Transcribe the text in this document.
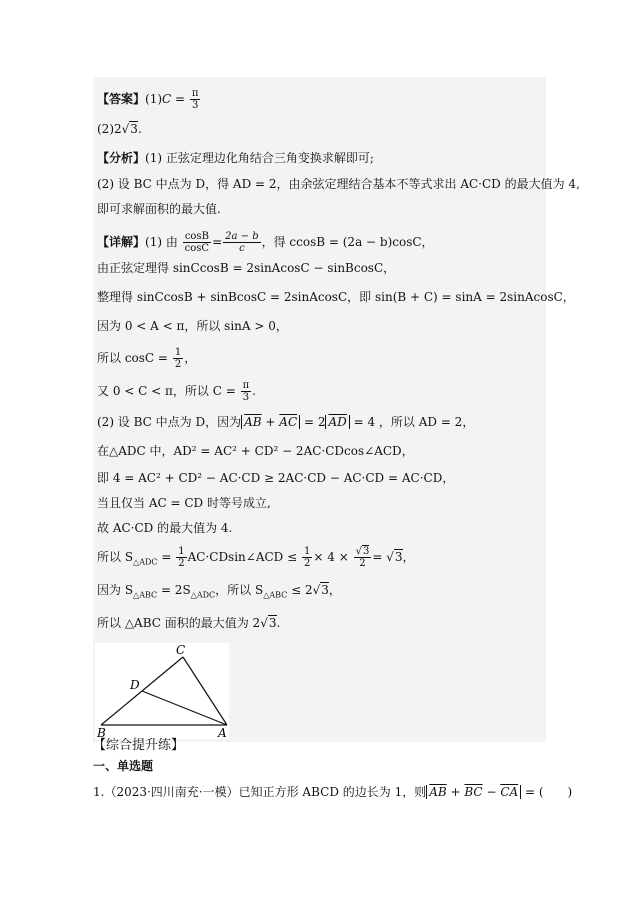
【答案】$(1)C = \frac{\pi}{3}$
(2)2√3.
【分析】(1) 正弦定理边化角结合三角变换求解即可;
(2) 设 BC 中点为 D，得 AD = 2，由余弦定理结合基本不等式求出 AC·CD 的最大值为 4,
即可求解面积的最大值.
【详解】(1) 由 $\frac{\cos B}{\cos C} = \frac{2a - b}{c}$ ，得 ccosB = (2a − b)cosC，
由正弦定理得 sinCcosB = 2sinAcosC − sinBcosC，
整理得 sinCcosB + sinBcosC = 2sinAcosC，即 sin(B + C) = sinA = 2sinAcosC，
因为 0 < A < π，所以 sinA > 0，
所以 $\cos C = \frac{1}{2}$ ，
又 0 < C < π，所以 $C = \frac{\pi}{3}$ .
(2) 设 BC 中点为 D，因为 $\overline{AB} + \overline{AC} = 2$ $\overline{AD} = 4$ ，所以 AD = 2，
在△ADC 中，AD² = AC² + CD² − 2AC·CDcos∠ACD，
即 4 = AC² + CD² − AC·CD ≥ 2AC·CD − AC·CD = AC·CD，
当且仅当 AC = CD 时等号成立,
故 AC·CD 的最大值为 4.
所以 $S_{\triangle ADC} = \frac{1}{2}$ AC·CDsin∠ACD ≤ $\frac{1}{2} \times 4 \times \frac{√3}{2} = √3$，
因为 $S_{\triangle ABC} = 2S_{\triangle ADC}$，所以 $S_{\triangle ABC} \le 2√3$，
所以 △ABC 面积的最大值为 2√3.
C
D
B	A
【综合提升练】
一、单选题
1.（2023·四川南充·一模）已知正方形 ABCD 的边长为 1，则 $\overline{AB} + \overline{BC} - \overline{CA}$ = (　　)
